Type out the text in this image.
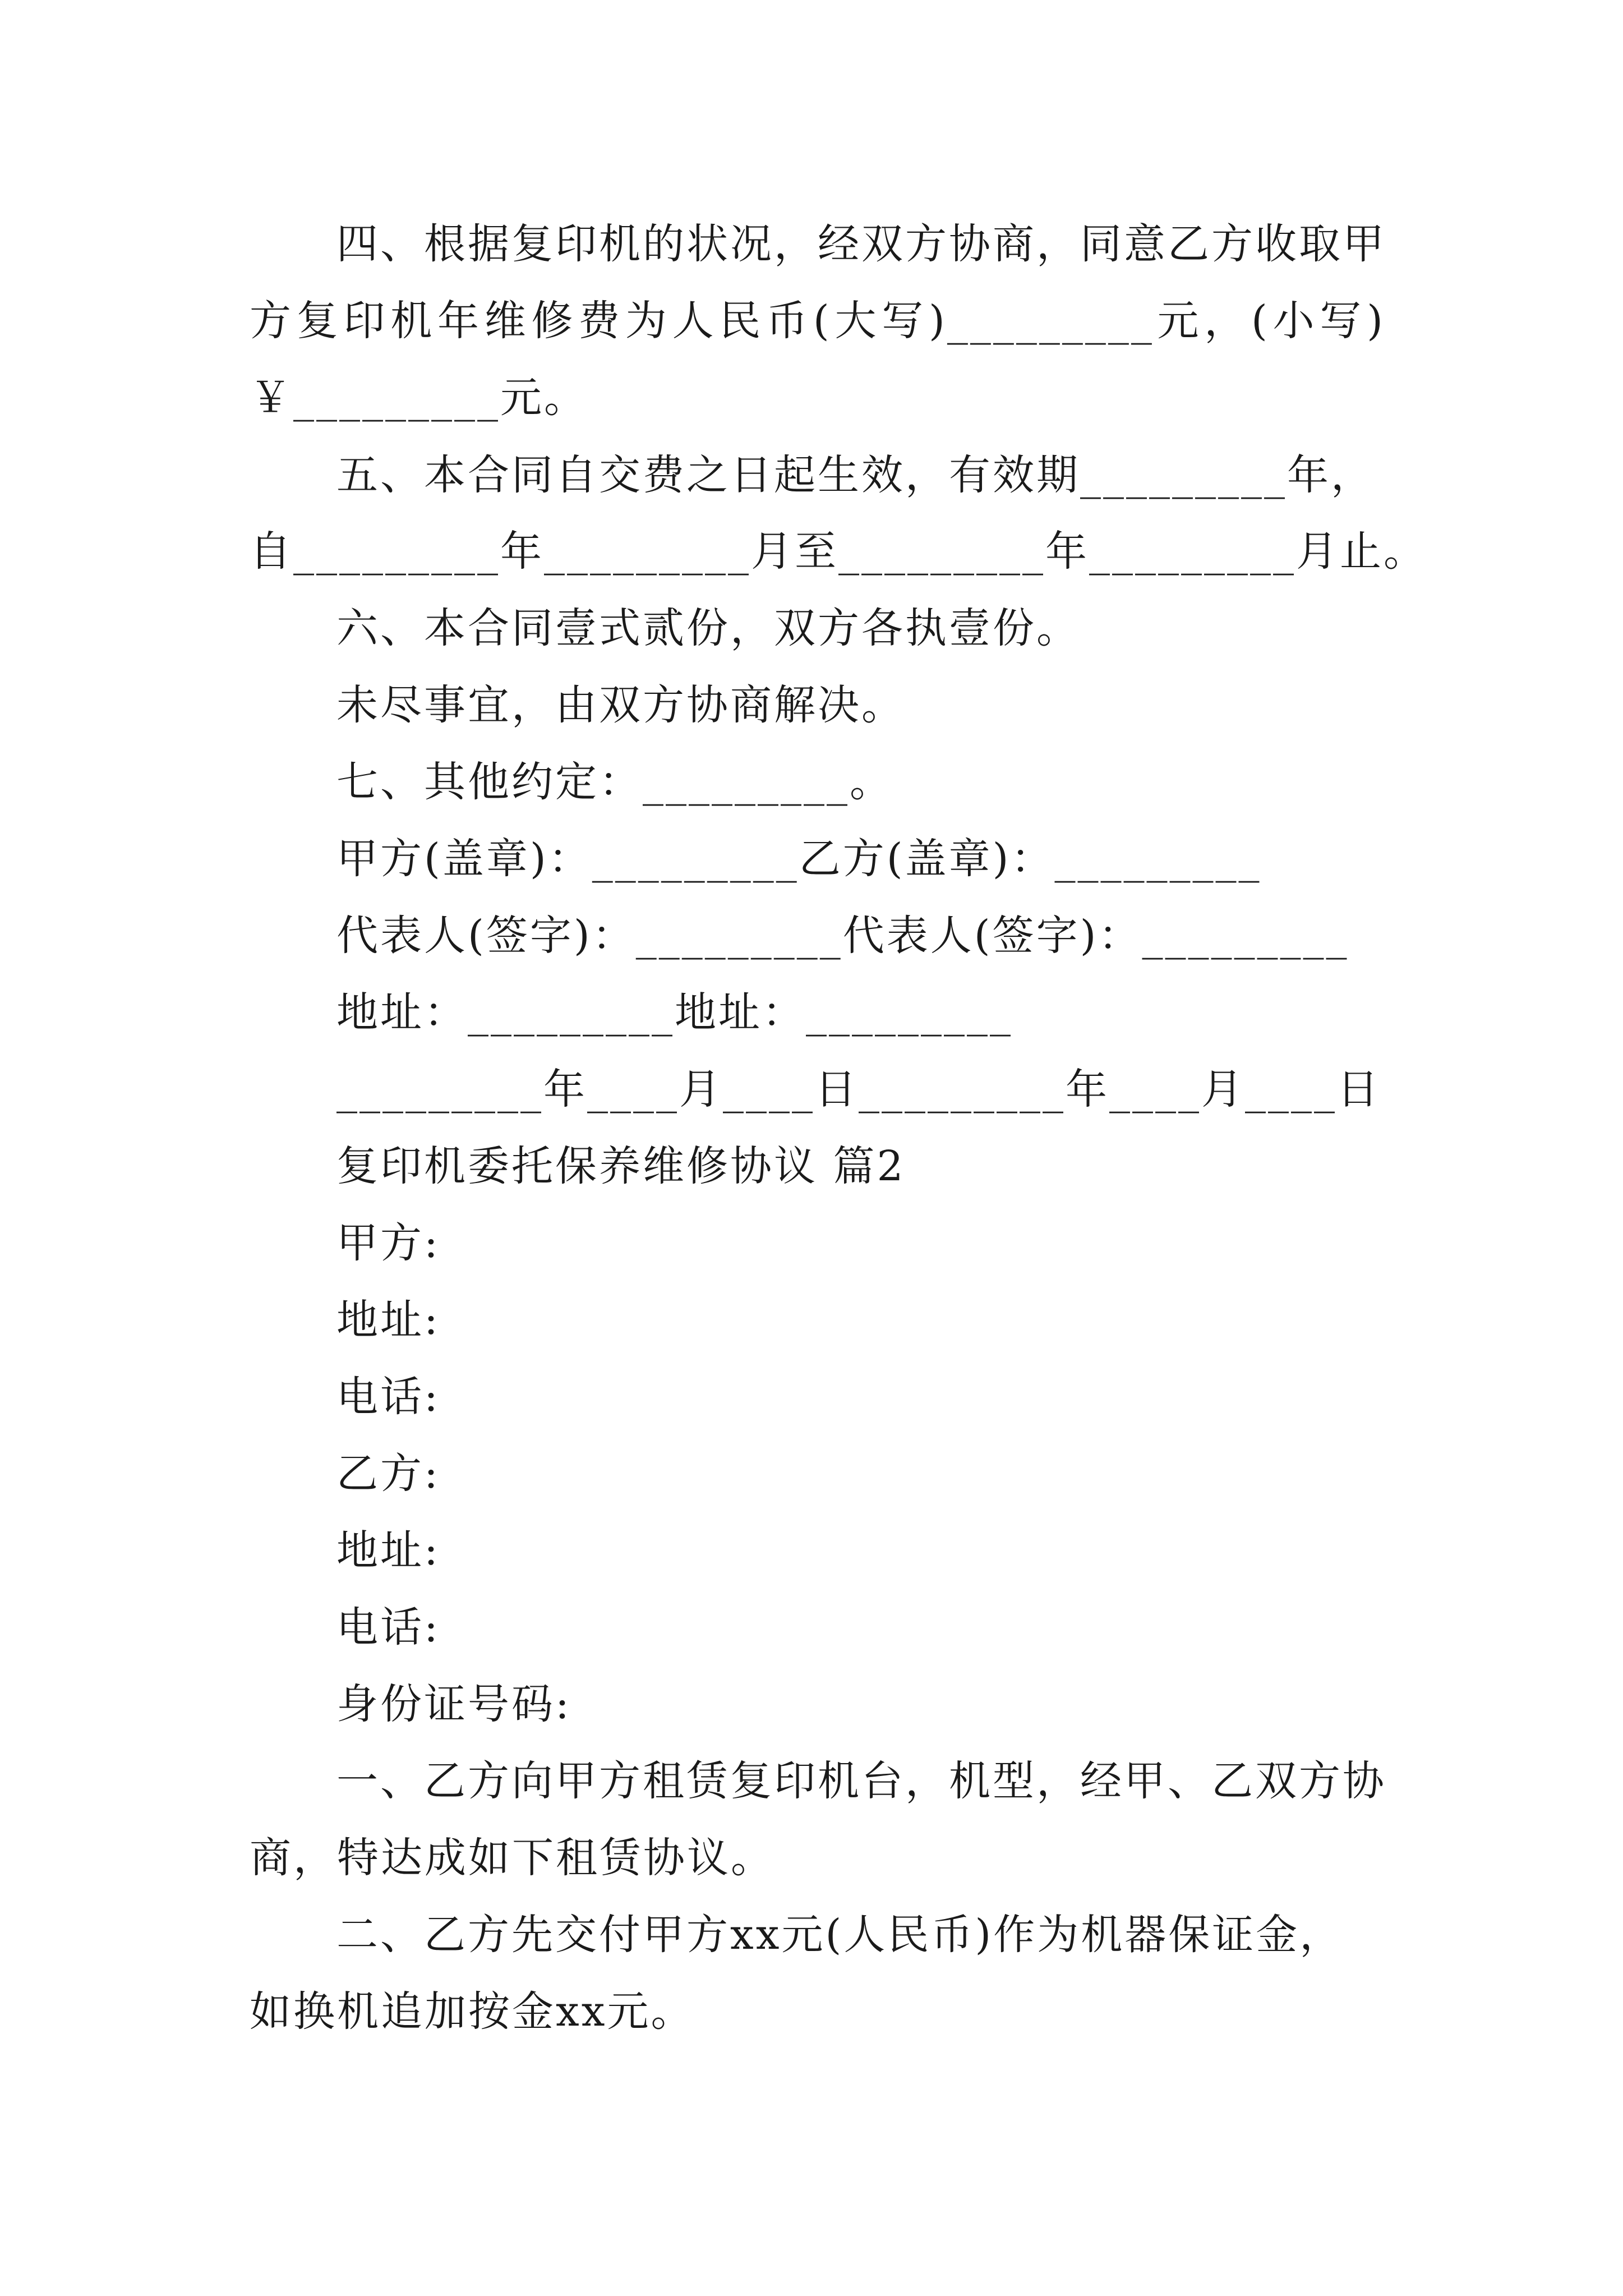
四、根据复印机的状况，经双方协商，同意乙方收取甲
方复印机年维修费为人民币(大写)_________元，(小写)
￥_________元。
五、本合同自交费之日起生效，有效期_________年，
自_________年_________月至_________年_________月止。
六、本合同壹式贰份，双方各执壹份。
未尽事宜，由双方协商解决。
七、其他约定：_________。
甲方(盖章)：_________乙方(盖章)：_________
代表人(签字)：_________代表人(签字)：_________
地址：_________地址：_________
_________年____月____日_________年____月____日
复印机委托保养维修协议 篇2
甲方:
地址:
电话:
乙方:
地址:
电话:
身份证号码:
一、乙方向甲方租赁复印机台，机型，经甲、乙双方协
商，特达成如下租赁协议。
二、乙方先交付甲方xx元(人民币)作为机器保证金，
如换机追加按金xx元。
